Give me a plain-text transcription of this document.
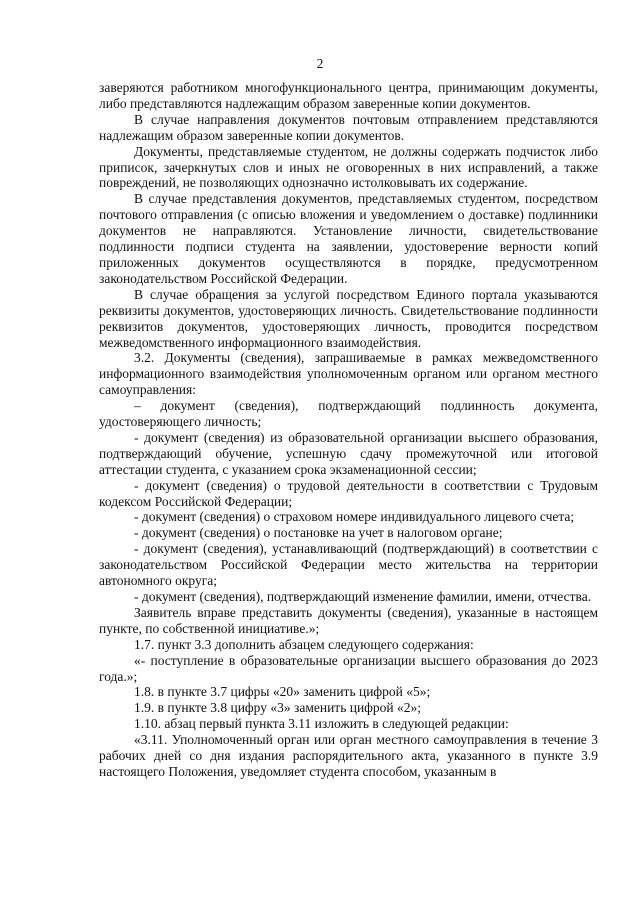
2

заверяются работником многофункционального центра, принимающим документы, либо представляются надлежащим образом заверенные копии документов.

В случае направления документов почтовым отправлением представляются надлежащим образом заверенные копии документов.

Документы, представляемые студентом, не должны содержать подчисток либо приписок, зачеркнутых слов и иных не оговоренных в них исправлений, а также повреждений, не позволяющих однозначно истолковывать их содержание.

В случае представления документов, представляемых студентом, посредством почтового отправления (с описью вложения и уведомлением о доставке) подлинники документов не направляются. Установление личности, свидетельствование подлинности подписи студента на заявлении, удостоверение верности копий приложенных документов осуществляются в порядке, предусмотренном законодательством Российской Федерации.

В случае обращения за услугой посредством Единого портала указываются реквизиты документов, удостоверяющих личность. Свидетельствование подлинности реквизитов документов, удостоверяющих личность, проводится посредством межведомственного информационного взаимодействия.

3.2. Документы (сведения), запрашиваемые в рамках межведомственного информационного взаимодействия уполномоченным органом или органом местного самоуправления:

– документ (сведения), подтверждающий подлинность документа, удостоверяющего личность;

- документ (сведения) из образовательной организации высшего образования, подтверждающий обучение, успешную сдачу промежуточной или итоговой аттестации студента, с указанием срока экзаменационной сессии;

- документ (сведения) о трудовой деятельности в соответствии с Трудовым кодексом Российской Федерации;

- документ (сведения) о страховом номере индивидуального лицевого счета;

- документ (сведения) о постановке на учет в налоговом органе;

- документ (сведения), устанавливающий (подтверждающий) в соответствии с законодательством Российской Федерации место жительства на территории автономного округа;

- документ (сведения), подтверждающий изменение фамилии, имени, отчества.

Заявитель вправе представить документы (сведения), указанные в настоящем пункте, по собственной инициативе.»;

1.7. пункт 3.3 дополнить абзацем следующего содержания:

«- поступление в образовательные организации высшего образования до 2023 года.»;

1.8. в пункте 3.7 цифры «20» заменить цифрой «5»;

1.9. в пункте 3.8 цифру «3» заменить цифрой «2»;

1.10. абзац первый пункта 3.11 изложить в следующей редакции:

«3.11. Уполномоченный орган или орган местного самоуправления в течение 3 рабочих дней со дня издания распорядительного акта, указанного в пункте 3.9 настоящего Положения, уведомляет студента способом, указанным в
